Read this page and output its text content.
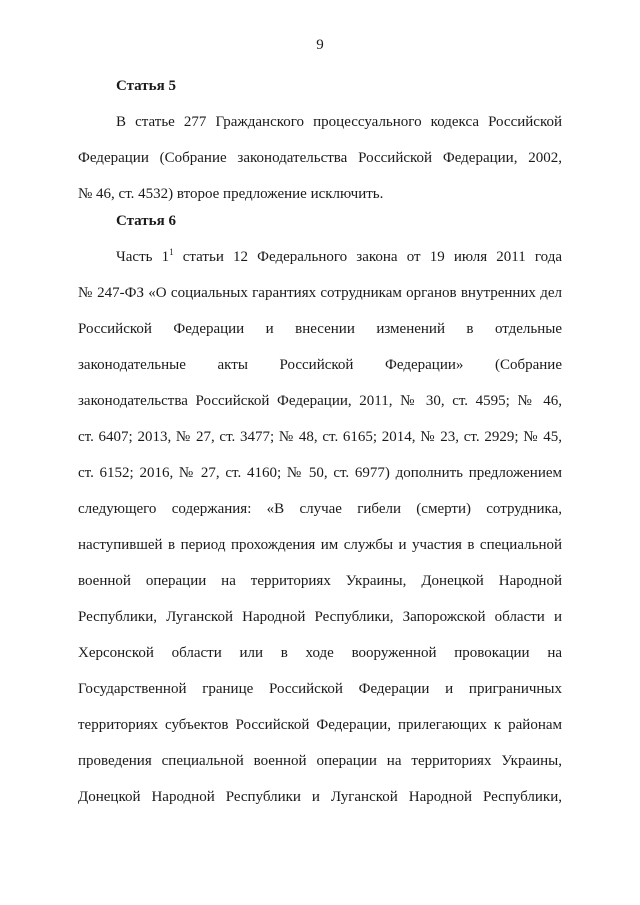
9
Статья 5
В статье 277 Гражданского процессуального кодекса Российской
Федерации (Собрание законодательства Российской Федерации, 2002,
№ 46, ст. 4532) второе предложение исключить.
Статья 6
Часть $1^1$ статьи 12 Федерального закона от 19 июля 2011 года
№ 247-ФЗ «О социальных гарантиях сотрудникам органов внутренних дел
Российской Федерации и внесении изменений в отдельные
законодательные акты Российской Федерации» (Собрание
законодательства Российской Федерации, 2011, № 30, ст. 4595; № 46,
ст. 6407; 2013, № 27, ст. 3477; № 48, ст. 6165; 2014, № 23, ст. 2929; № 45,
ст. 6152; 2016, № 27, ст. 4160; № 50, ст. 6977) дополнить предложением
следующего содержания: «В случае гибели (смерти) сотрудника,
наступившей в период прохождения им службы и участия в специальной
военной операции на территориях Украины, Донецкой Народной
Республики, Луганской Народной Республики, Запорожской области и
Херсонской области или в ходе вооруженной провокации на
Государственной границе Российской Федерации и приграничных
территориях субъектов Российской Федерации, прилегающих к районам
проведения специальной военной операции на территориях Украины,
Донецкой Народной Республики и Луганской Народной Республики,
